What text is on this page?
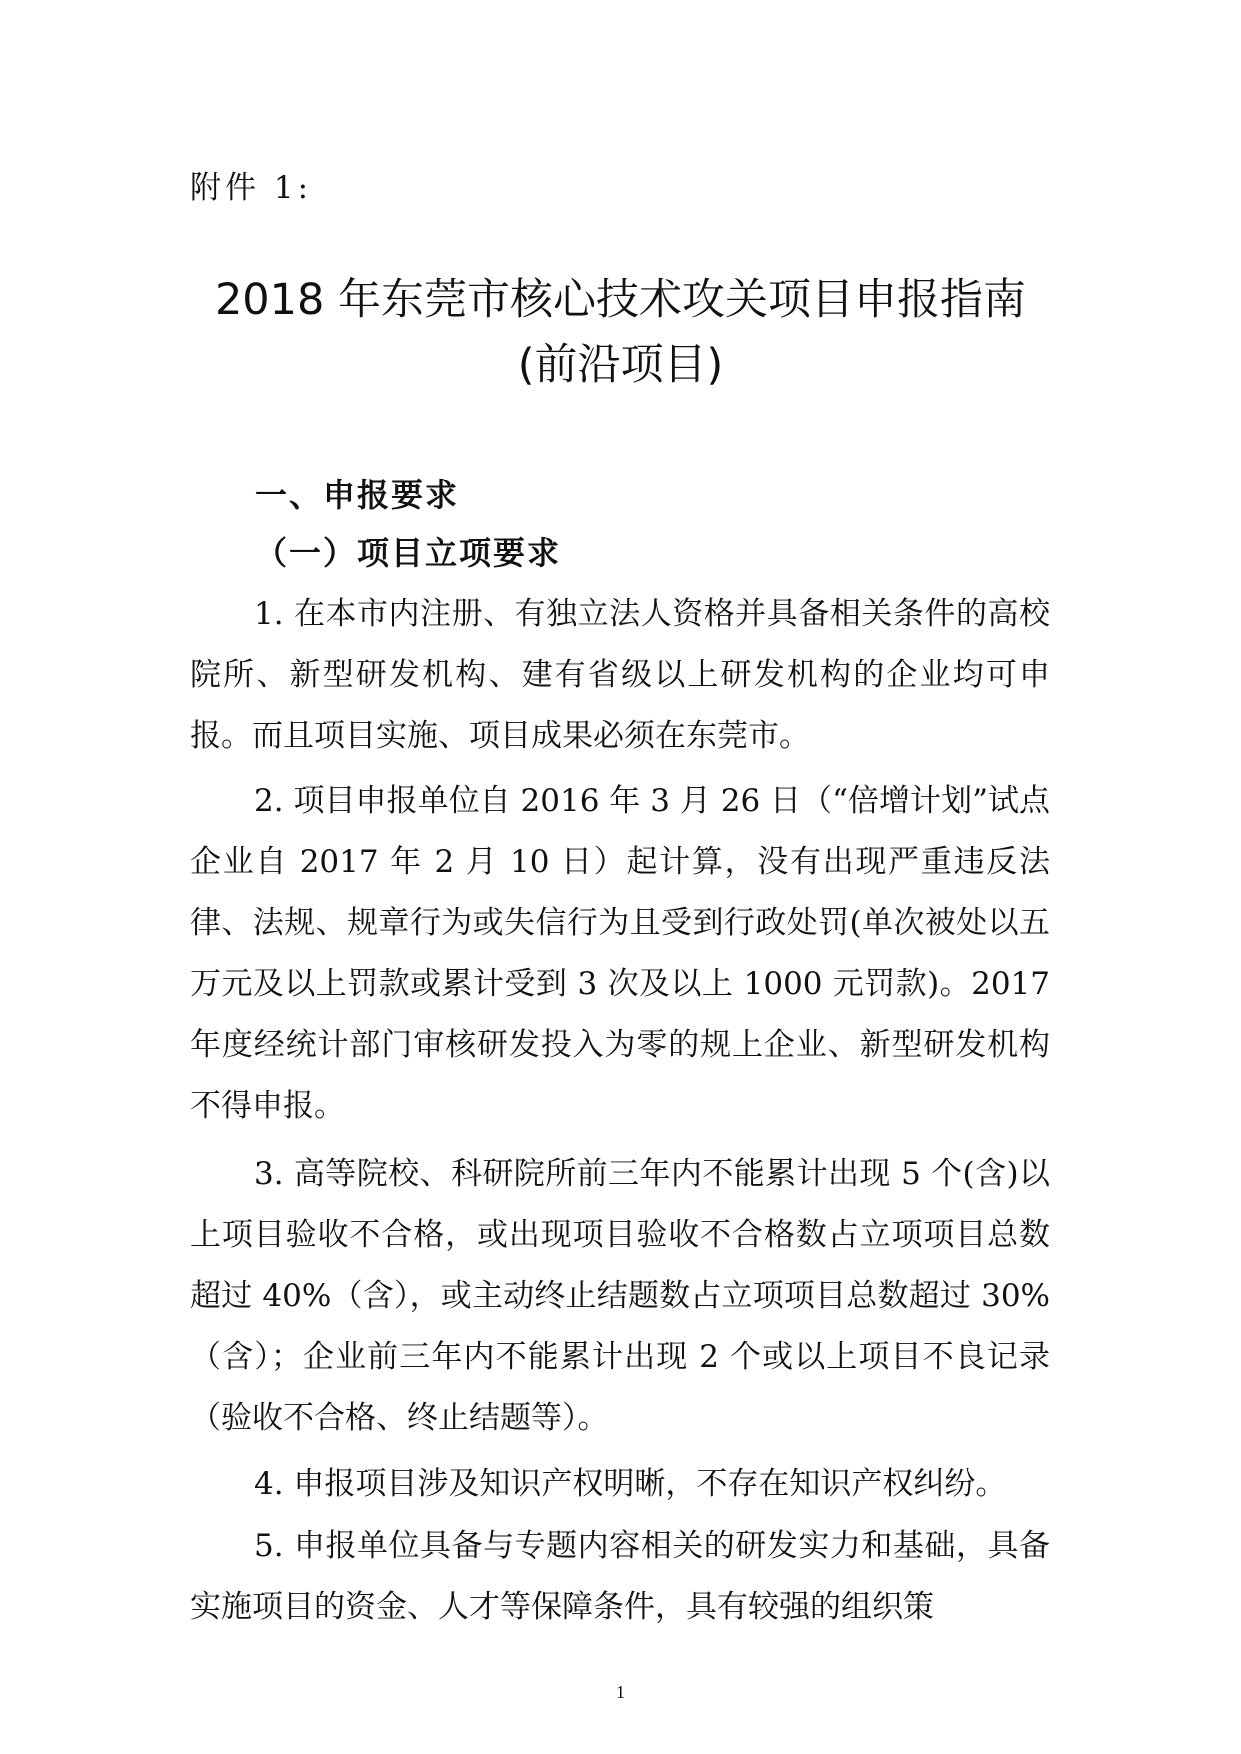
附件 1:
2018 年东莞市核心技术攻关项目申报指南
(前沿项目)
一、申报要求
（一）项目立项要求

1. 在本市内注册、有独立法人资格并具备相关条件的高校院所、新型研发机构、建有省级以上研发机构的企业均可申报。而且项目实施、项目成果必须在东莞市。

2. 项目申报单位自 2016 年 3 月 26 日（“倍增计划”试点企业自 2017 年 2 月 10 日）起计算，没有出现严重违反法律、法规、规章行为或失信行为且受到行政处罚(单次被处以五万元及以上罚款或累计受到 3 次及以上 1000 元罚款)。2017 年度经统计部门审核研发投入为零的规上企业、新型研发机构不得申报。

3. 高等院校、科研院所前三年内不能累计出现 5 个(含)以上项目验收不合格，或出现项目验收不合格数占立项项目总数超过 40%（含），或主动终止结题数占立项项目总数超过 30%（含）；企业前三年内不能累计出现 2 个或以上项目不良记录（验收不合格、终止结题等）。

4. 申报项目涉及知识产权明晰，不存在知识产权纠纷。

5. 申报单位具备与专题内容相关的研发实力和基础，具备实施项目的资金、人才等保障条件，具有较强的组织策

1
